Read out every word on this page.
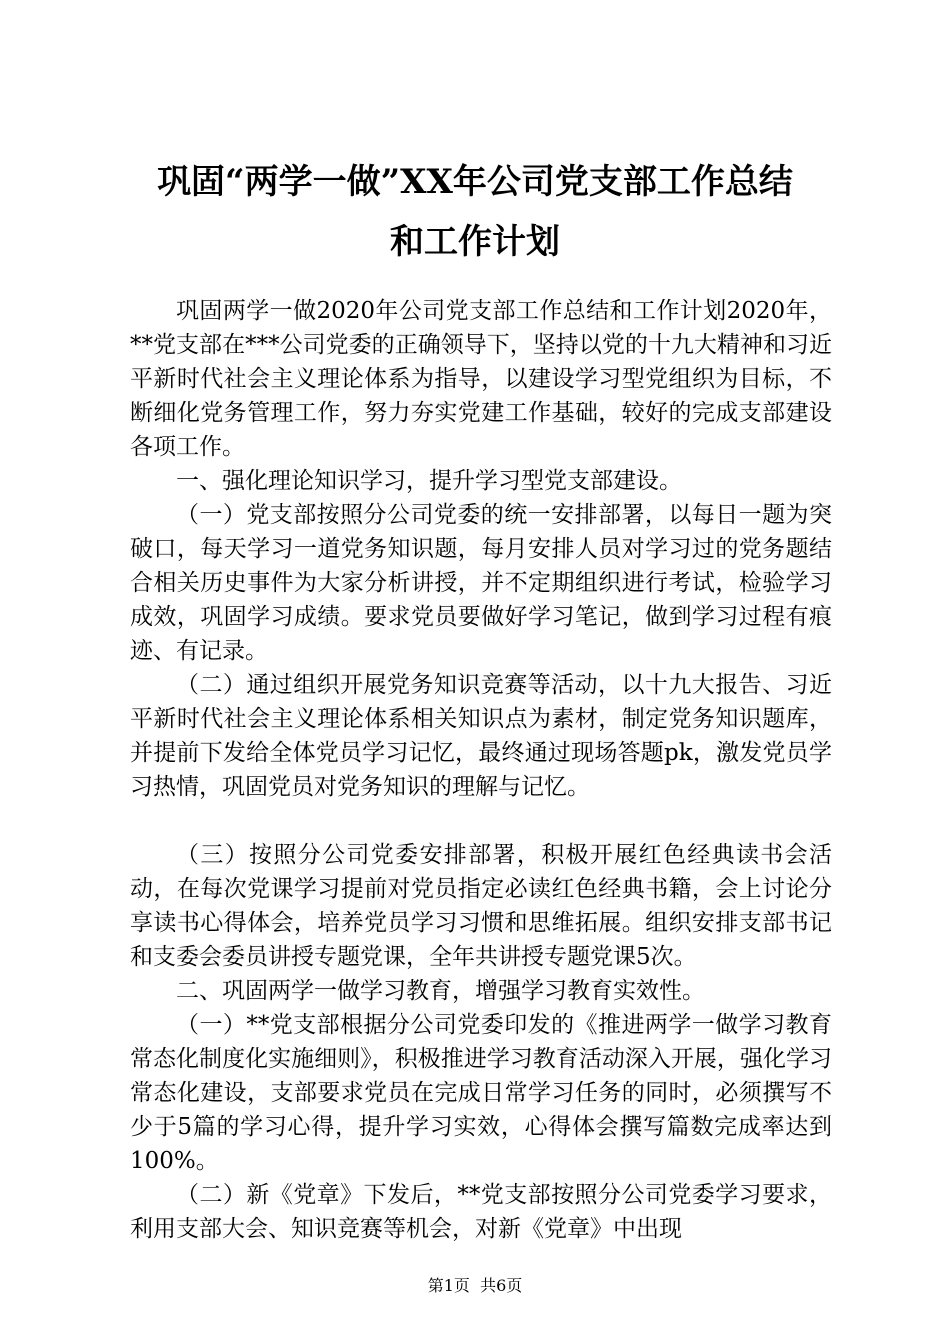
巩固“两学一做”XX年公司党支部工作总结
和工作计划

巩固两学一做2020年公司党支部工作总结和工作计划2020年，**党支部在***公司党委的正确领导下，坚持以党的十九大精神和习近平新时代社会主义理论体系为指导，以建设学习型党组织为目标，不断细化党务管理工作，努力夯实党建工作基础，较好的完成支部建设各项工作。

一、强化理论知识学习，提升学习型党支部建设。

（一）党支部按照分公司党委的统一安排部署，以每日一题为突破口，每天学习一道党务知识题，每月安排人员对学习过的党务题结合相关历史事件为大家分析讲授，并不定期组织进行考试，检验学习成效，巩固学习成绩。要求党员要做好学习笔记，做到学习过程有痕迹、有记录。

（二）通过组织开展党务知识竞赛等活动，以十九大报告、习近平新时代社会主义理论体系相关知识点为素材，制定党务知识题库，并提前下发给全体党员学习记忆，最终通过现场答题pk，激发党员学习热情，巩固党员对党务知识的理解与记忆。

（三）按照分公司党委安排部署，积极开展红色经典读书会活动，在每次党课学习提前对党员指定必读红色经典书籍，会上讨论分享读书心得体会，培养党员学习习惯和思维拓展。组织安排支部书记和支委会委员讲授专题党课，全年共讲授专题党课5次。

二、巩固两学一做学习教育，增强学习教育实效性。

（一）**党支部根据分公司党委印发的《推进两学一做学习教育常态化制度化实施细则》，积极推进学习教育活动深入开展，强化学习常态化建设，支部要求党员在完成日常学习任务的同时，必须撰写不少于5篇的学习心得，提升学习实效，心得体会撰写篇数完成率达到100%。

（二）新《党章》下发后，**党支部按照分公司党委学习要求，利用支部大会、知识竞赛等机会，对新《党章》中出现

第1页  共6页
